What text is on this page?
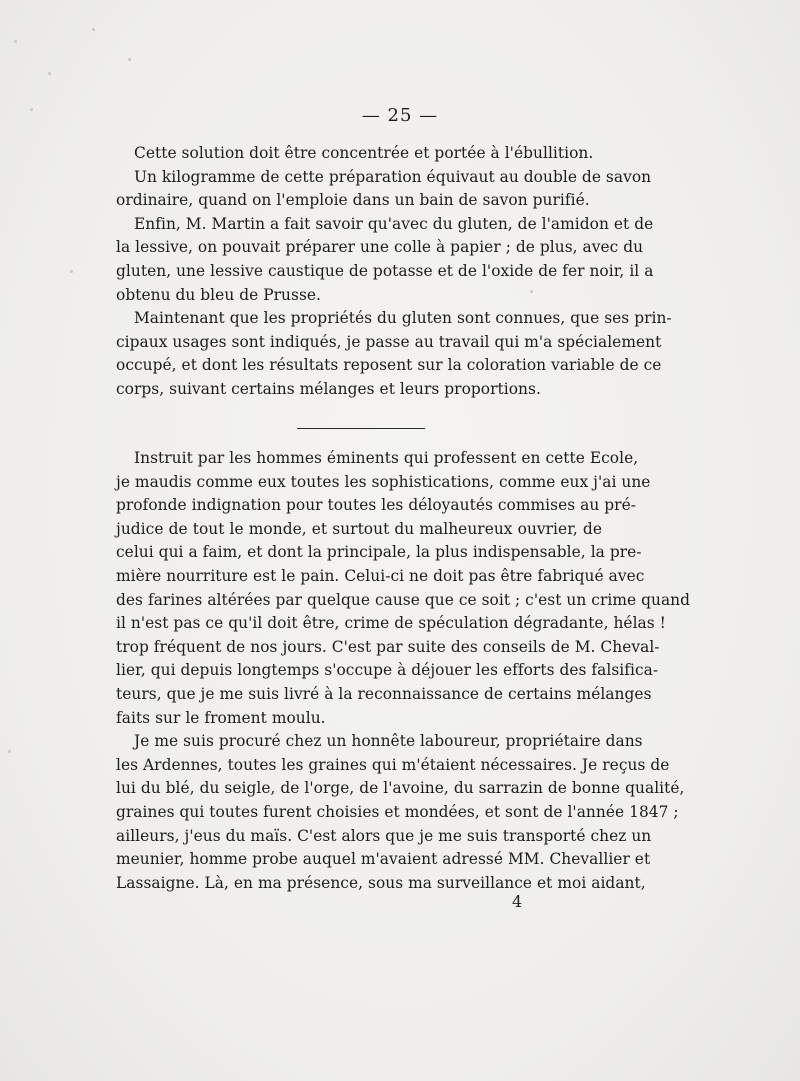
— 25 —
Cette solution doit être concentrée et portée à l'ébullition.
Un kilogramme de cette préparation équivaut au double de savon
ordinaire, quand on l'emploie dans un bain de savon purifié.
Enfin, M. Martin a fait savoir qu'avec du gluten, de l'amidon et de
la lessive, on pouvait préparer une colle à papier ; de plus, avec du
gluten, une lessive caustique de potasse et de l'oxide de fer noir, il a
obtenu du bleu de Prusse.
Maintenant que les propriétés du gluten sont connues, que ses prin-
cipaux usages sont indiqués, je passe au travail qui m'a spécialement
occupé, et dont les résultats reposent sur la coloration variable de ce
corps, suivant certains mélanges et leurs proportions.
Instruit par les hommes éminents qui professent en cette Ecole,
je maudis comme eux toutes les sophistications, comme eux j'ai une
profonde indignation pour toutes les déloyautés commises au pré-
judice de tout le monde, et surtout du malheureux ouvrier, de
celui qui a faim, et dont la principale, la plus indispensable, la pre-
mière nourriture est le pain. Celui-ci ne doit pas être fabriqué avec
des farines altérées par quelque cause que ce soit ; c'est un crime quand
il n'est pas ce qu'il doit être, crime de spéculation dégradante, hélas !
trop fréquent de nos jours. C'est par suite des conseils de M. Cheval-
lier, qui depuis longtemps s'occupe à déjouer les efforts des falsifica-
teurs, que je me suis livré à la reconnaissance de certains mélanges
faits sur le froment moulu.
Je me suis procuré chez un honnête laboureur, propriétaire dans
les Ardennes, toutes les graines qui m'étaient nécessaires. Je reçus de
lui du blé, du seigle, de l'orge, de l'avoine, du sarrazin de bonne qualité,
graines qui toutes furent choisies et mondées, et sont de l'année 1847 ;
ailleurs, j'eus du maïs. C'est alors que je me suis transporté chez un
meunier, homme probe auquel m'avaient adressé MM. Chevallier et
Lassaigne. Là, en ma présence, sous ma surveillance et moi aidant,
4
